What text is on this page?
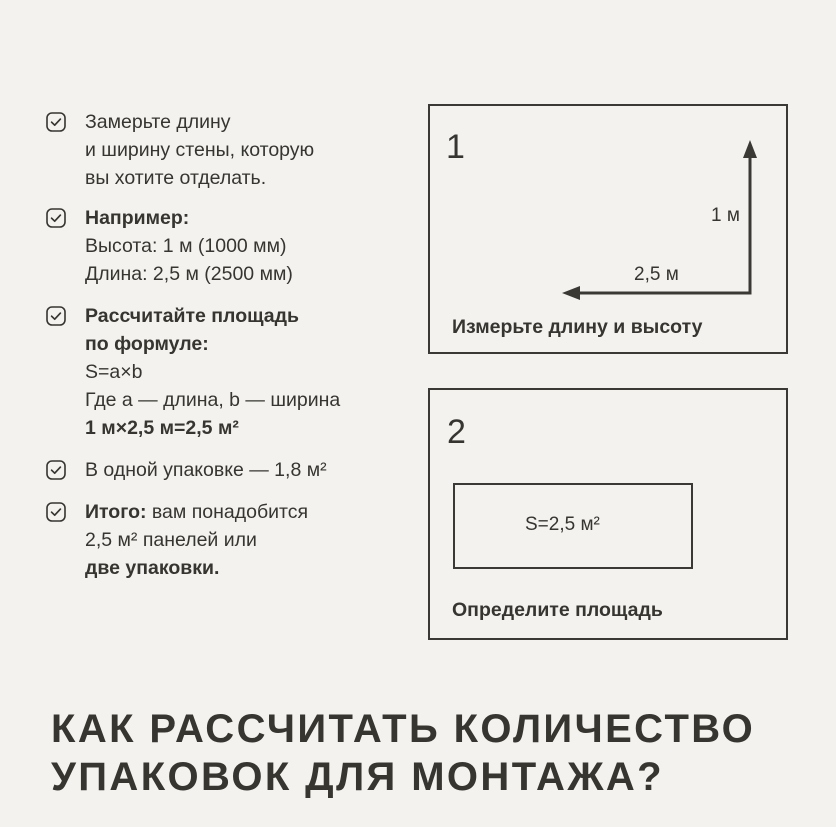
Замерьте длину
и ширину стены, которую
вы хотите отделать.
Например:
Высота: 1 м (1000 мм)
Длина: 2,5 м (2500 мм)
Рассчитайте площадь
по формуле:
S=a×b
Где a — длина, b — ширина
1 м×2,5 м=2,5 м²
В одной упаковке — 1,8 м²
Итого: вам понадобится
2,5 м² панелей или
две упаковки.
1
1 м
2,5 м
Измерьте длину и высоту
2
S=2,5 м²
Определите площадь
КАК РАССЧИТАТЬ КОЛИЧЕСТВО
УПАКОВОК ДЛЯ МОНТАЖА?
